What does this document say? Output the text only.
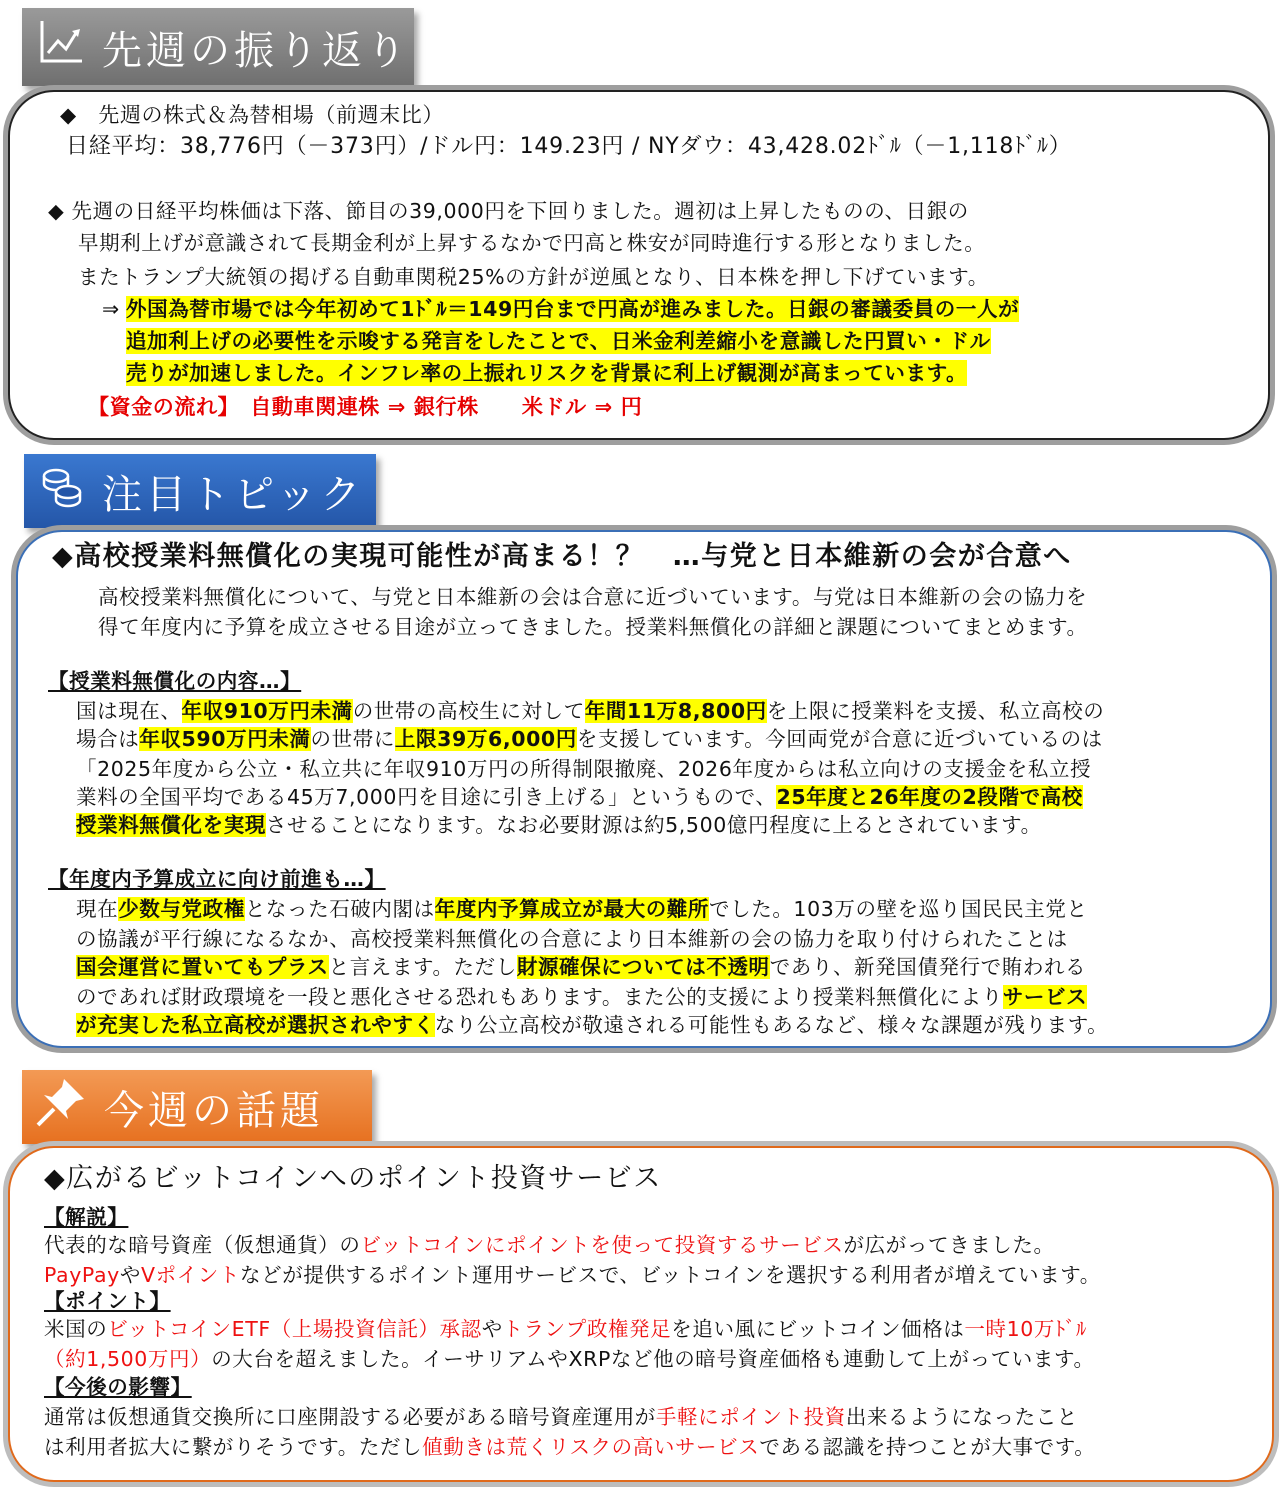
先週の振り返り
◆　先週の株式＆為替相場（前週末比）
日経平均：38,776円（－373円）/ドル円：149.23円 / NYダウ：43,428.02ﾄﾞﾙ（－1,118ﾄﾞﾙ）
◆ 先週の日経平均株価は下落、節目の39,000円を下回りました。週初は上昇したものの、日銀の
早期利上げが意識されて長期金利が上昇するなかで円高と株安が同時進行する形となりました。
またトランプ大統領の掲げる自動車関税25%の方針が逆風となり、日本株を押し下げています。
⇒ 外国為替市場では今年初めて1ﾄﾞﾙ＝149円台まで円高が進みました。日銀の審議委員の一人が
追加利上げの必要性を示唆する発言をしたことで、日米金利差縮小を意識した円買い・ドル
売りが加速しました。インフレ率の上振れリスクを背景に利上げ観測が高まっています。
【資金の流れ】　自動車関連株 ⇒ 銀行株　　米ドル ⇒ 円
注目トピック
◆高校授業料無償化の実現可能性が高まる！？　…与党と日本維新の会が合意へ
高校授業料無償化について、与党と日本維新の会は合意に近づいています。与党は日本維新の会の協力を
得て年度内に予算を成立させる目途が立ってきました。授業料無償化の詳細と課題についてまとめます。
【授業料無償化の内容…】
国は現在、年収910万円未満の世帯の高校生に対して年間11万8,800円を上限に授業料を支援、私立高校の
場合は年収590万円未満の世帯に上限39万6,000円を支援しています。今回両党が合意に近づいているのは
「2025年度から公立・私立共に年収910万円の所得制限撤廃、2026年度からは私立向けの支援金を私立授
業料の全国平均である45万7,000円を目途に引き上げる」というもので、25年度と26年度の2段階で高校
授業料無償化を実現させることになります。なお必要財源は約5,500億円程度に上るとされています。
【年度内予算成立に向け前進も…】
現在少数与党政権となった石破内閣は年度内予算成立が最大の難所でした。103万の壁を巡り国民民主党と
の協議が平行線になるなか、高校授業料無償化の合意により日本維新の会の協力を取り付けられたことは
国会運営に置いてもプラスと言えます。ただし財源確保については不透明であり、新発国債発行で賄われる
のであれば財政環境を一段と悪化させる恐れもあります。また公的支援により授業料無償化によりサービス
が充実した私立高校が選択されやすくなり公立高校が敬遠される可能性もあるなど、様々な課題が残ります。
今週の話題
◆広がるビットコインへのポイント投資サービス
【解説】
代表的な暗号資産（仮想通貨）のビットコインにポイントを使って投資するサービスが広がってきました。
PayPayやVポイントなどが提供するポイント運用サービスで、ビットコインを選択する利用者が増えています。
【ポイント】
米国のビットコインETF（上場投資信託）承認やトランプ政権発足を追い風にビットコイン価格は一時10万ﾄﾞﾙ
（約1,500万円）の大台を超えました。イーサリアムやXRPなど他の暗号資産価格も連動して上がっています。
【今後の影響】
通常は仮想通貨交換所に口座開設する必要がある暗号資産運用が手軽にポイント投資出来るようになったこと
は利用者拡大に繋がりそうです。ただし値動きは荒くリスクの高いサービスである認識を持つことが大事です。
